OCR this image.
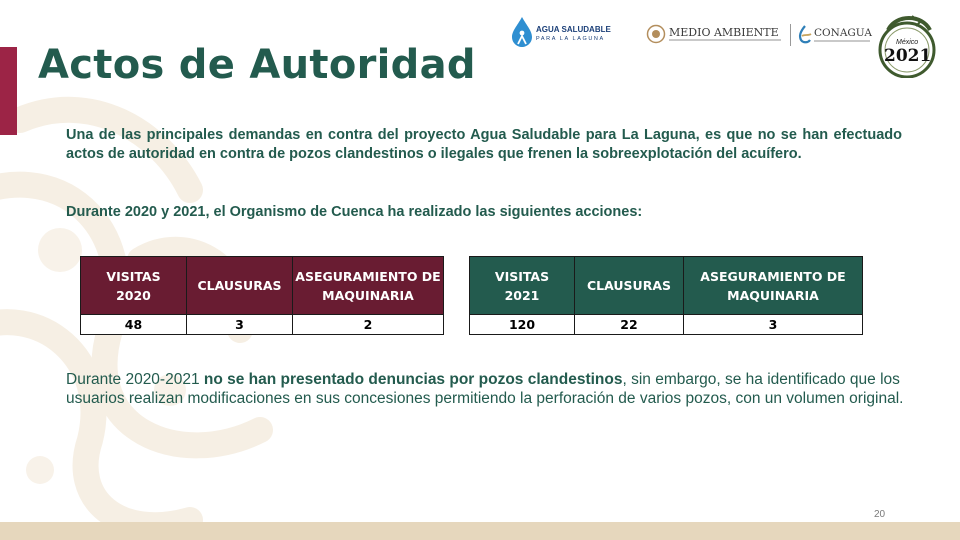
Actos de Autoridad
AGUA SALUDABLE
PARA LA LAGUNA	MEDIO AMBIENTE	CONAGUA
México
2021

Una de las principales demandas en contra del proyecto Agua Saludable para La Laguna, es que no se han efectuado actos de autoridad en contra de pozos clandestinos o ilegales que frenen la sobreexplotación del acuífero.

Durante 2020 y 2021, el Organismo de Cuenca ha realizado las siguientes acciones:

VISITAS 2020	CLAUSURAS	ASEGURAMIENTO DE MAQUINARIA
48	3	2
VISITAS 2021	CLAUSURAS	ASEGURAMIENTO DE MAQUINARIA
120	22	3

Durante 2020-2021 no se han presentado denuncias por pozos clandestinos, sin embargo, se ha identificado que los usuarios realizan modificaciones en sus concesiones permitiendo la perforación de varios pozos, con un volumen original.

20
